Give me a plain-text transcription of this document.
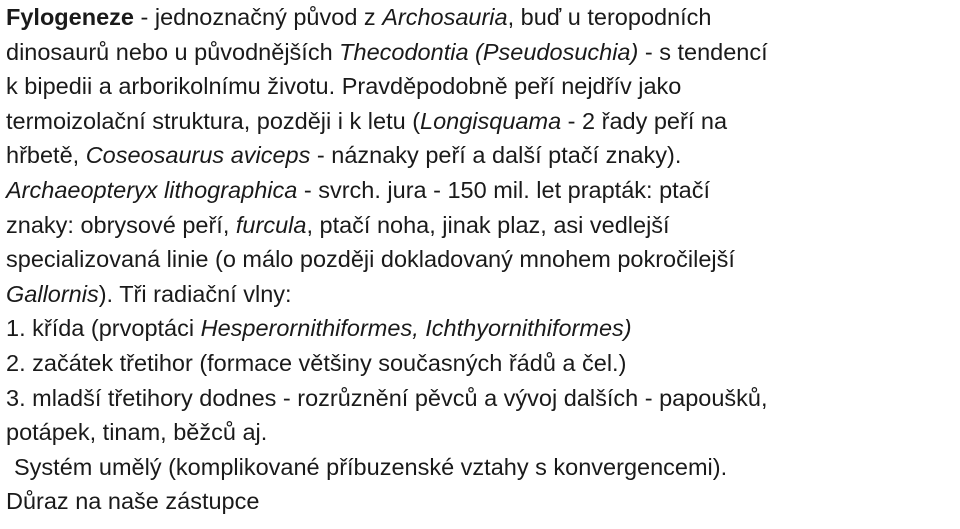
Fylogeneze - jednoznačný původ z Archosauria, buď u teropodních
dinosaurů nebo u původnějších Thecodontia (Pseudosuchia) - s tendencí
k bipedii a arborikolnímu životu. Pravděpodobně peří nejdřív jako
termoizolační struktura, později i k letu (Longisquama - 2 řady peří na
hřbetě, Coseosaurus aviceps - náznaky peří a další ptačí znaky).
Archaeopteryx lithographica - svrch. jura - 150 mil. let prapták: ptačí
znaky: obrysové peří, furcula, ptačí noha, jinak plaz, asi vedlejší
specializovaná linie (o málo později dokladovaný mnohem pokročilejší
Gallornis). Tři radiační vlny:
1. křída (prvoptáci Hesperornithiformes, Ichthyornithiformes)
2. začátek třetihor (formace většiny současných řádů a čel.)
3. mladší třetihory dodnes - rozrůznění pěvců a vývoj dalších - papoušků,
potápek, tinam, běžců aj.
Systém umělý (komplikované příbuzenské vztahy s konvergencemi).
Důraz na naše zástupce
